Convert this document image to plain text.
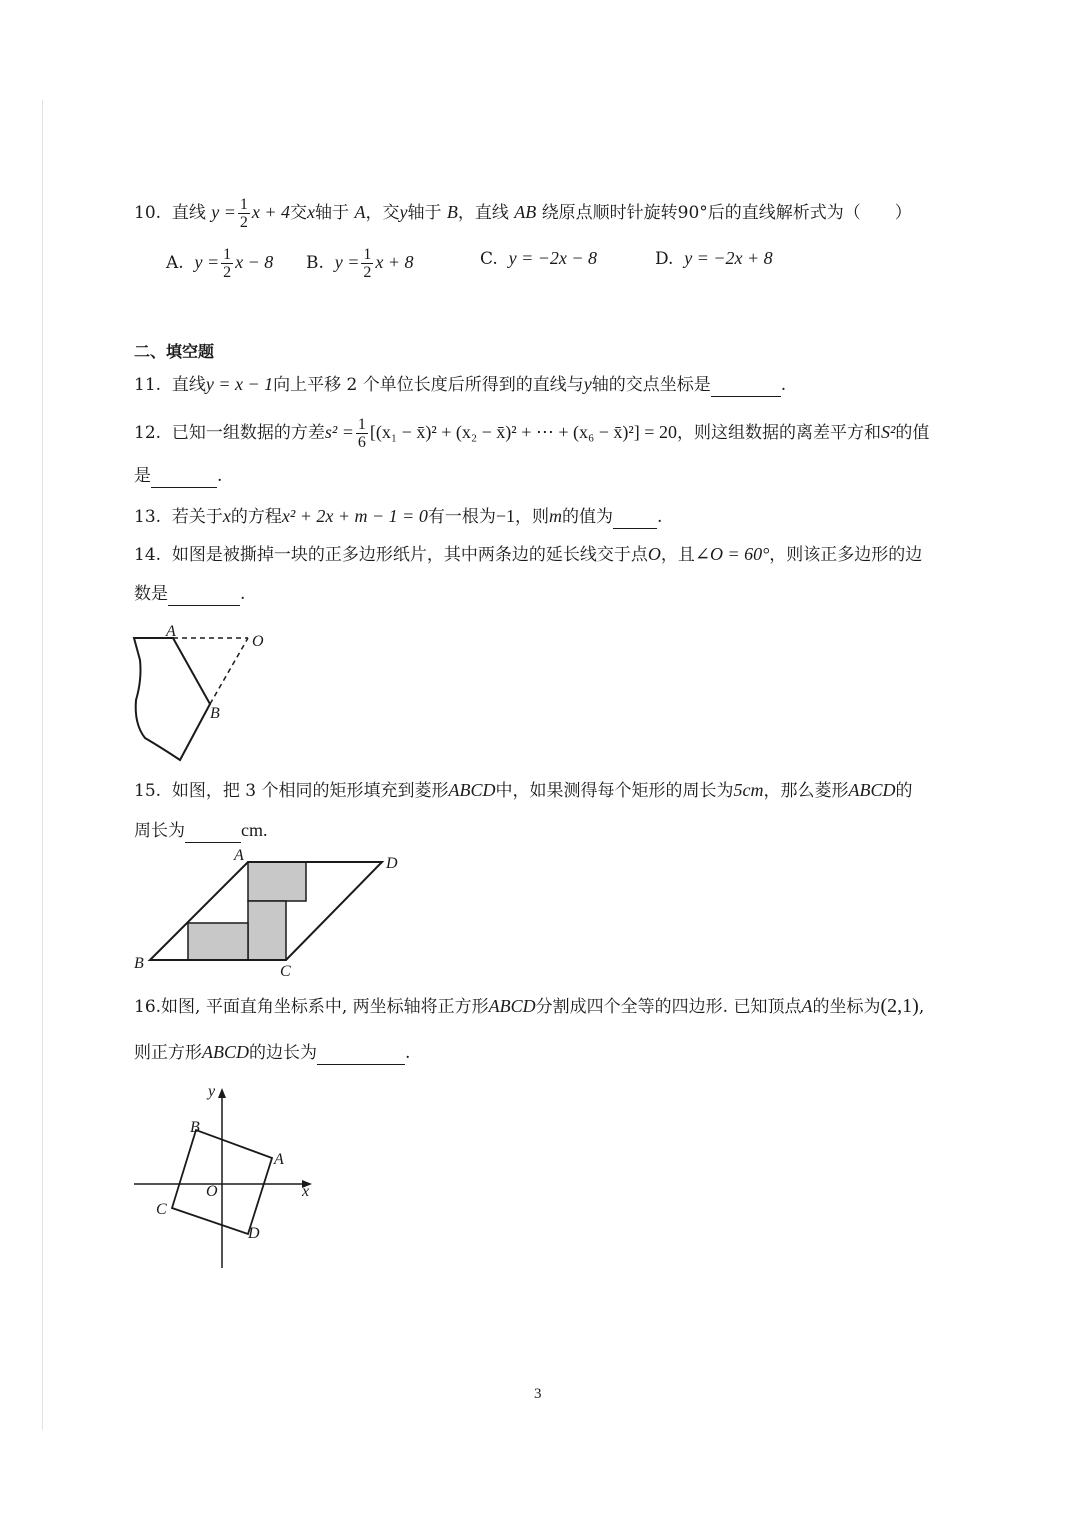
10. 直线 $y = \frac{1}{2}$ x + 4交x轴于 A，交y轴于 B，直线 AB 绕原点顺时针旋转90°后的直线解析式为（　　）
A. $y = \frac{1}{2}$ x − 8 B. $y = \frac{1}{2}$ x + 8	C. y = −2x − 8	D. y = −2x + 8
二、填空题
11. 直线y = x − 1向上平移 2 个单位长度后所得到的直线与y轴的交点坐标是	.
12. 已知一组数据的方差$s^2 = \frac{1}{6} [(x_1$ − x̄)² + (x₂ − x̄)² + ⋯ + (x₆ − x̄)²] = 20，则这组数据的离差平方和S²的值
是	.
13. 若关于x的方程x² + 2x + m − 1 = 0有一根为−1，则m的值为	.
14. 如图是被撕掉一块的正多边形纸片，其中两条边的延长线交于点O，且∠O = 60°，则该正多边形的边
数是	.
A
O
B
15. 如图，把 3 个相同的矩形填充到菱形ABCD中，如果测得每个矩形的周长为5cm，那么菱形ABCD的
周长为	cm.
A	D
B	C
16.如图, 平面直角坐标系中, 两坐标轴将正方形ABCD分割成四个全等的四边形. 已知顶点A的坐标为(2,1),
则正方形ABCD的边长为	.
x
y
O
A
B
C
D
3
